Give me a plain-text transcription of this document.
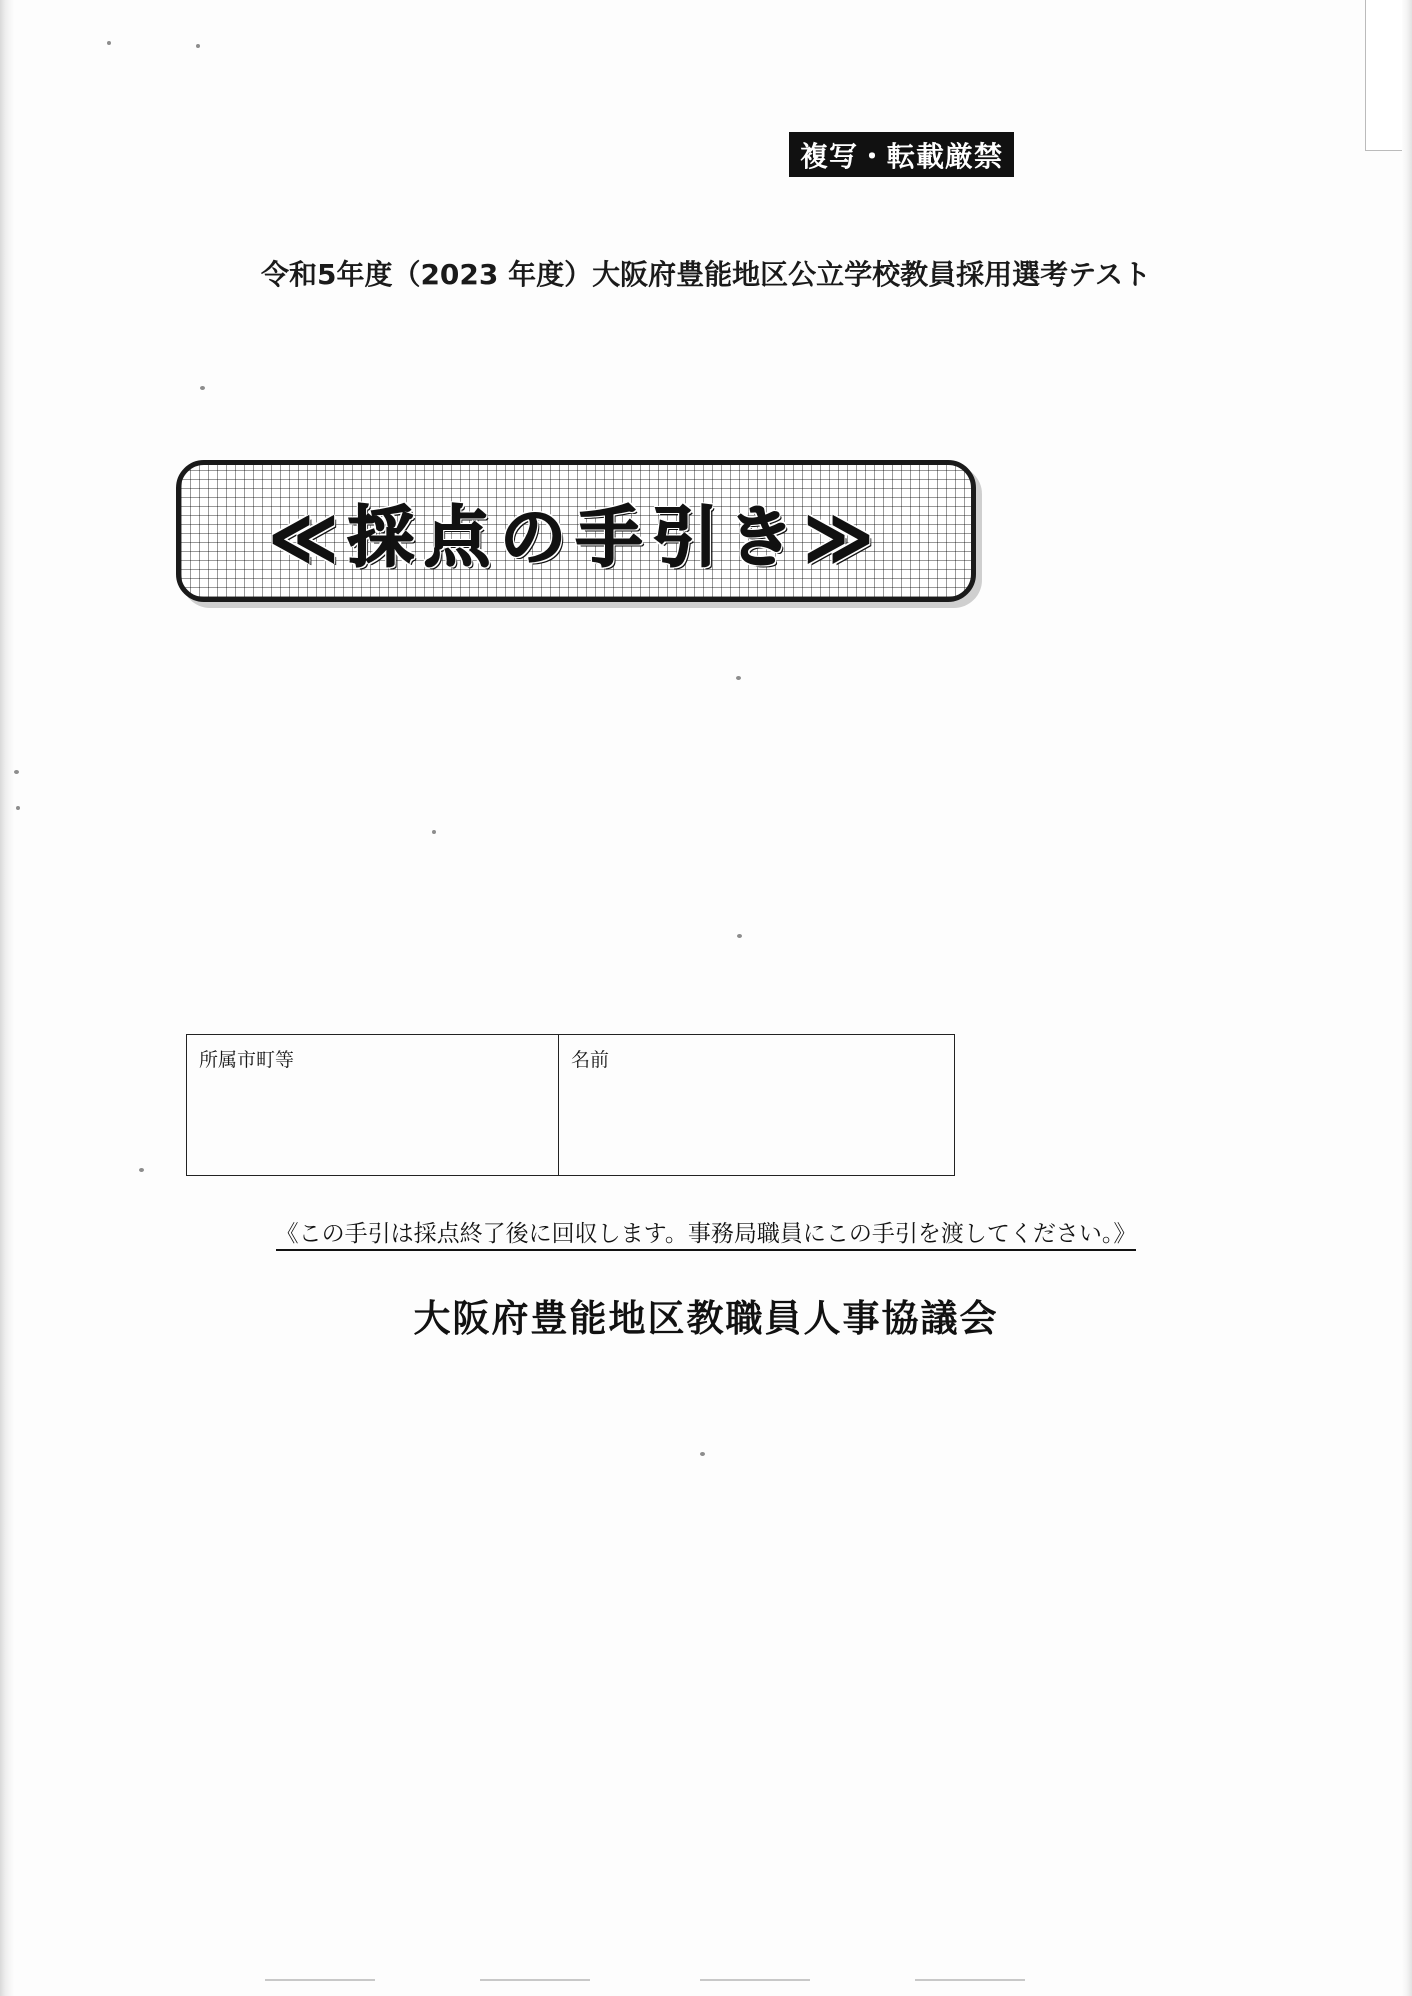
複写・転載厳禁
令和5年度（2023 年度）大阪府豊能地区公立学校教員採用選考テスト
≪採点の手引き≫
所属市町等	名前
《この手引は採点終了後に回収します。事務局職員にこの手引を渡してください。》
大阪府豊能地区教職員人事協議会
